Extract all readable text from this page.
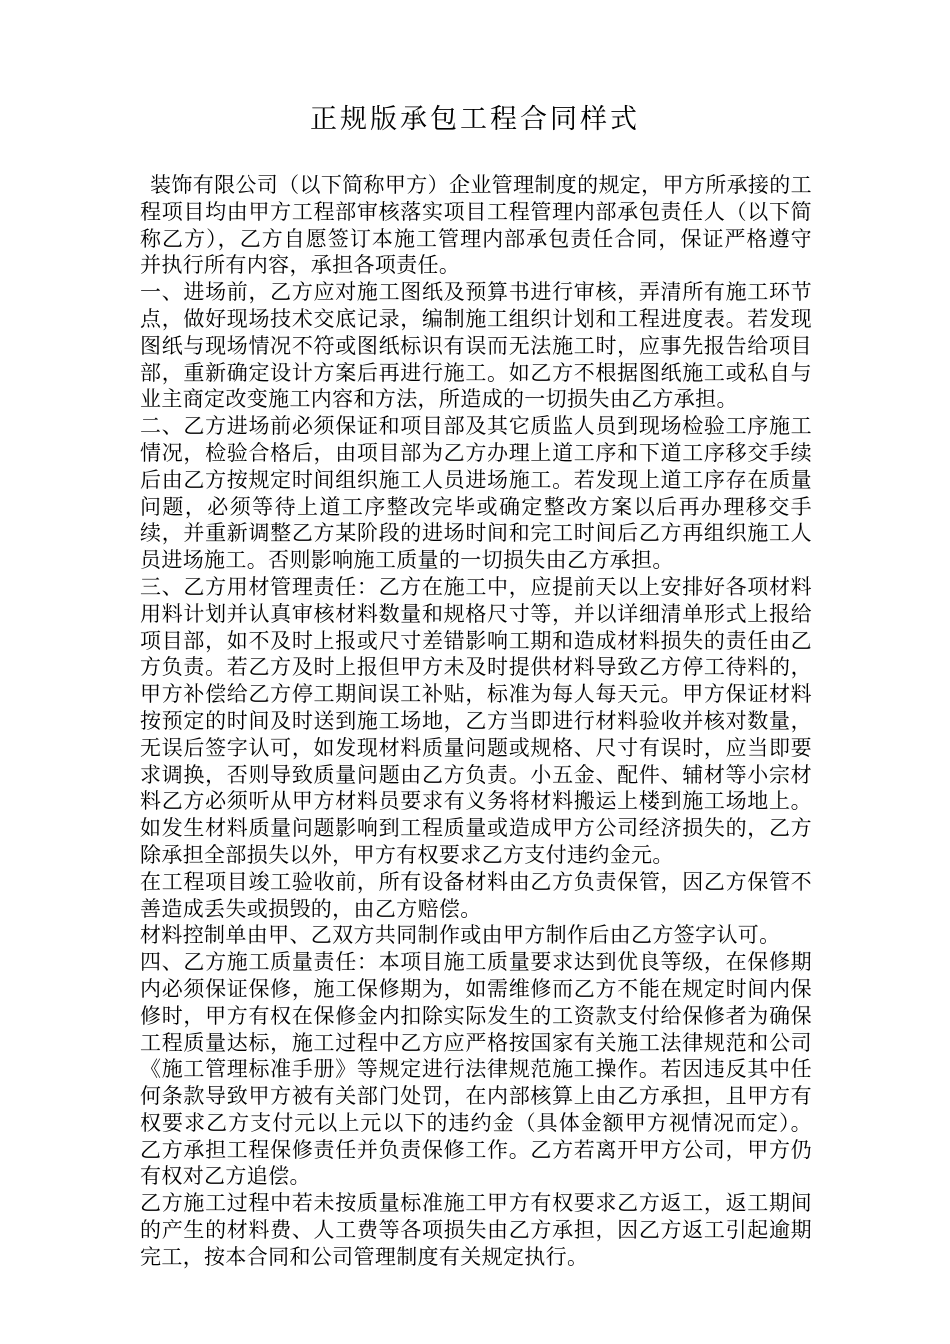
正规版承包工程合同样式

装饰有限公司（以下简称甲方）企业管理制度的规定，甲方所承接的工程项目均由甲方工程部审核落实项目工程管理内部承包责任人（以下简称乙方），乙方自愿签订本施工管理内部承包责任合同，保证严格遵守并执行所有内容，承担各项责任。

一、进场前，乙方应对施工图纸及预算书进行审核，弄清所有施工环节点，做好现场技术交底记录，编制施工组织计划和工程进度表。若发现图纸与现场情况不符或图纸标识有误而无法施工时，应事先报告给项目部，重新确定设计方案后再进行施工。如乙方不根据图纸施工或私自与业主商定改变施工内容和方法，所造成的一切损失由乙方承担。

二、乙方进场前必须保证和项目部及其它质监人员到现场检验工序施工情况，检验合格后，由项目部为乙方办理上道工序和下道工序移交手续后由乙方按规定时间组织施工人员进场施工。若发现上道工序存在质量问题，必须等待上道工序整改完毕或确定整改方案以后再办理移交手续，并重新调整乙方某阶段的进场时间和完工时间后乙方再组织施工人员进场施工。否则影响施工质量的一切损失由乙方承担。

三、乙方用材管理责任：乙方在施工中，应提前天以上安排好各项材料用料计划并认真审核材料数量和规格尺寸等，并以详细清单形式上报给项目部，如不及时上报或尺寸差错影响工期和造成材料损失的责任由乙方负责。若乙方及时上报但甲方未及时提供材料导致乙方停工待料的，甲方补偿给乙方停工期间误工补贴，标准为每人每天元。甲方保证材料按预定的时间及时送到施工场地，乙方当即进行材料验收并核对数量，无误后签字认可，如发现材料质量问题或规格、尺寸有误时，应当即要求调换，否则导致质量问题由乙方负责。小五金、配件、辅材等小宗材料乙方必须听从甲方材料员要求有义务将材料搬运上楼到施工场地上。如发生材料质量问题影响到工程质量或造成甲方公司经济损失的，乙方除承担全部损失以外，甲方有权要求乙方支付违约金元。

在工程项目竣工验收前，所有设备材料由乙方负责保管，因乙方保管不善造成丢失或损毁的，由乙方赔偿。

材料控制单由甲、乙双方共同制作或由甲方制作后由乙方签字认可。

四、乙方施工质量责任：本项目施工质量要求达到优良等级，在保修期内必须保证保修，施工保修期为，如需维修而乙方不能在规定时间内保修时，甲方有权在保修金内扣除实际发生的工资款支付给保修者为确保工程质量达标，施工过程中乙方应严格按国家有关施工法律规范和公司《施工管理标准手册》等规定进行法律规范施工操作。若因违反其中任何条款导致甲方被有关部门处罚，在内部核算上由乙方承担，且甲方有权要求乙方支付元以上元以下的违约金（具体金额甲方视情况而定）。乙方承担工程保修责任并负责保修工作。乙方若离开甲方公司，甲方仍有权对乙方追偿。

乙方施工过程中若未按质量标准施工甲方有权要求乙方返工，返工期间的产生的材料费、人工费等各项损失由乙方承担，因乙方返工引起逾期完工，按本合同和公司管理制度有关规定执行。
